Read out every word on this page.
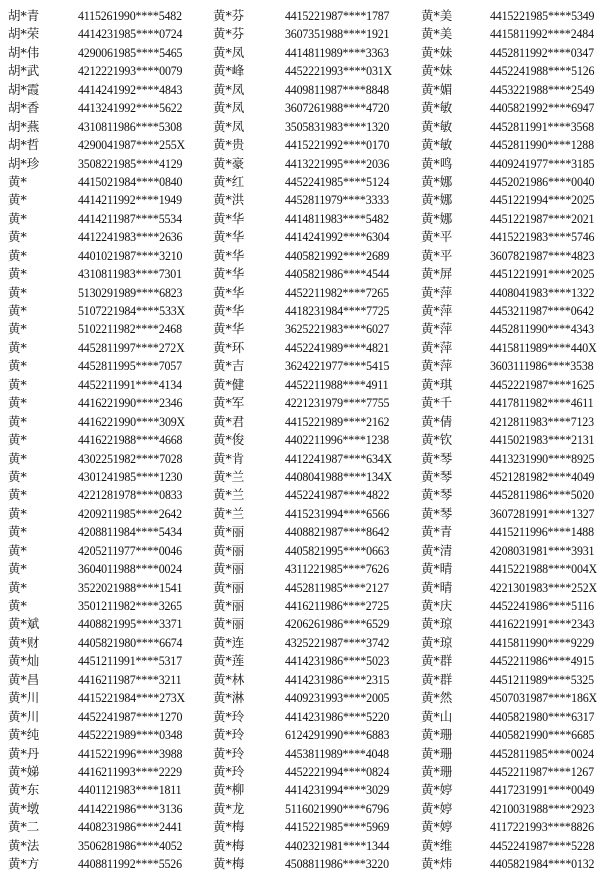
胡*青	4115261990****5482 黄*芬	4415221987****1787	黄*美	4415221985****5349
胡*荣	4414231985****0724 黄*芬	3607351988****1921	黄*美	4415811992****2484
胡*伟	4290061985****5465 黄*凤	4414811989****3363	黄*妹	4452811992****0347
胡*武	4212221993****0079 黄*峰	4452221993****031X 黄*妹	4452241988****5126
胡*霞	4414241992****4843 黄*凤	4409811987****8848	黄*媚	4453221988****2549
胡*香	4413241992****5622 黄*凤	3607261988****4720	黄*敏	4405821992****6947
胡*燕	4310811986****5308 黄*凤	3505831983****1320	黄*敏	4452811991****3568
胡*哲	4290041987****255X 黄*贵	4415221992****0170	黄*敏	4452811990****1288
胡*珍	3508221985****4129 黄*豪	4413221995****2036	黄*鸣	4409241977****3185
黄*	4415021984****0840 黄*红	4452241985****5124	黄*娜	4452021986****0040
黄*	4414211992****1949 黄*洪	4452811979****3333	黄*娜	4451221994****2025
黄*	4414211987****5534 黄*华	4414811983****5482	黄*娜	4451221987****2021
黄*	4412241983****2636 黄*华	4414241992****6304	黄*平	4415221983****5746
黄*	4401021987****3210 黄*华	4405821992****2689	黄*平	3607821987****4823
黄*	4310811983****7301 黄*华	4405821986****4544	黄*屏	4451221991****2025
黄*	5130291989****6823 黄*华	4452211982****7265	黄*萍	4408041983****1322
黄*	5107221984****533X 黄*华	4418231984****7725	黄*萍	4453211987****0642
黄*	5102211982****2468 黄*华	3625221983****6027	黄*萍	4452811990****4343
黄*	4452811997****272X 黄*环	4452241989****4821	黄*萍	4415811989****440X
黄*	4452811995****7057 黄*吉	3624221977****5415	黄*萍	3603111986****3538
黄*	4452211991****4134 黄*健	4452211988****4911	黄*琪	4452221987****1625
黄*	4416221990****2346 黄*军	4221231979****7755	黄*千	4417811982****4611
黄*	4416221990****309X 黄*君	4415221989****2162	黄*倩	4212811983****7123
黄*	4416221988****4668 黄*俊	4402211996****1238	黄*钦	4415021983****2131
黄*	4302251982****7028 黄*肯	4412241987****634X 黄*琴	4413231990****8925
黄*	4301241985****1230 黄*兰	4408041988****134X 黄*琴	4521281982****4049
黄*	4221281978****0833 黄*兰	4452241987****4822	黄*琴	4452811986****5020
黄*	4209211985****2642 黄*兰	4415231994****6566	黄*琴	3607281991****1327
黄*	4208811984****5434 黄*丽	4408821987****8642	黄*青	4415211996****1488
黄*	4205211977****0046 黄*丽	4405821995****0663	黄*清	4208031981****3931
黄*	3604011988****0024 黄*丽	4311221985****7626	黄*晴	4415221988****004X
黄*	3522021988****1541 黄*丽	4452811985****2127	黄*晴	4221301983****252X
黄*	3501211982****3265 黄*丽	4416211986****2725	黄*庆	4452241986****5116
黄*斌	4408821995****3371 黄*丽	4206261986****6529	黄*琼	4416221991****2343
黄*财	4405821980****6674 黄*连	4325221987****3742	黄*琼	4415811990****9229
黄*灿	4451211991****5317 黄*莲	4414231986****5023	黄*群	4452211986****4915
黄*昌	4416211987****3211	黄*林	4414231986****2315	黄*群	4451211989****5325
黄*川	4415221984****273X 黄*淋	4409231993****2005	黄*然	4507031987****186X
黄*川	4452241987****1270 黄*玲	4414231986****5220	黄*山	4405821980****6317
黄*纯	4452221989****0348 黄*玲	6124291990****6883	黄*珊	4405821990****6685
黄*丹	4415221996****3988 黄*玲	4453811989****4048	黄*珊	4452811985****0024
黄*娣	4416211993****2229 黄*玲	4452221994****0824	黄*珊	4452211987****1267
黄*东	4401121983****1811	黄*柳	4414231994****3029	黄*婷	4417231991****0049
黄*墩	4414221986****3136 黄*龙	5116021990****6796	黄*婷	4210031988****2923
黄*二	4408231986****2441 黄*梅	4415221985****5969	黄*婷	4117221993****8826
黄*法	3506281986****4052 黄*梅	4402321981****1344	黄*维	4452241987****5228
黄*方	4408811992****5526 黄*梅	4508811986****3220	黄*炜	4405821984****0132
